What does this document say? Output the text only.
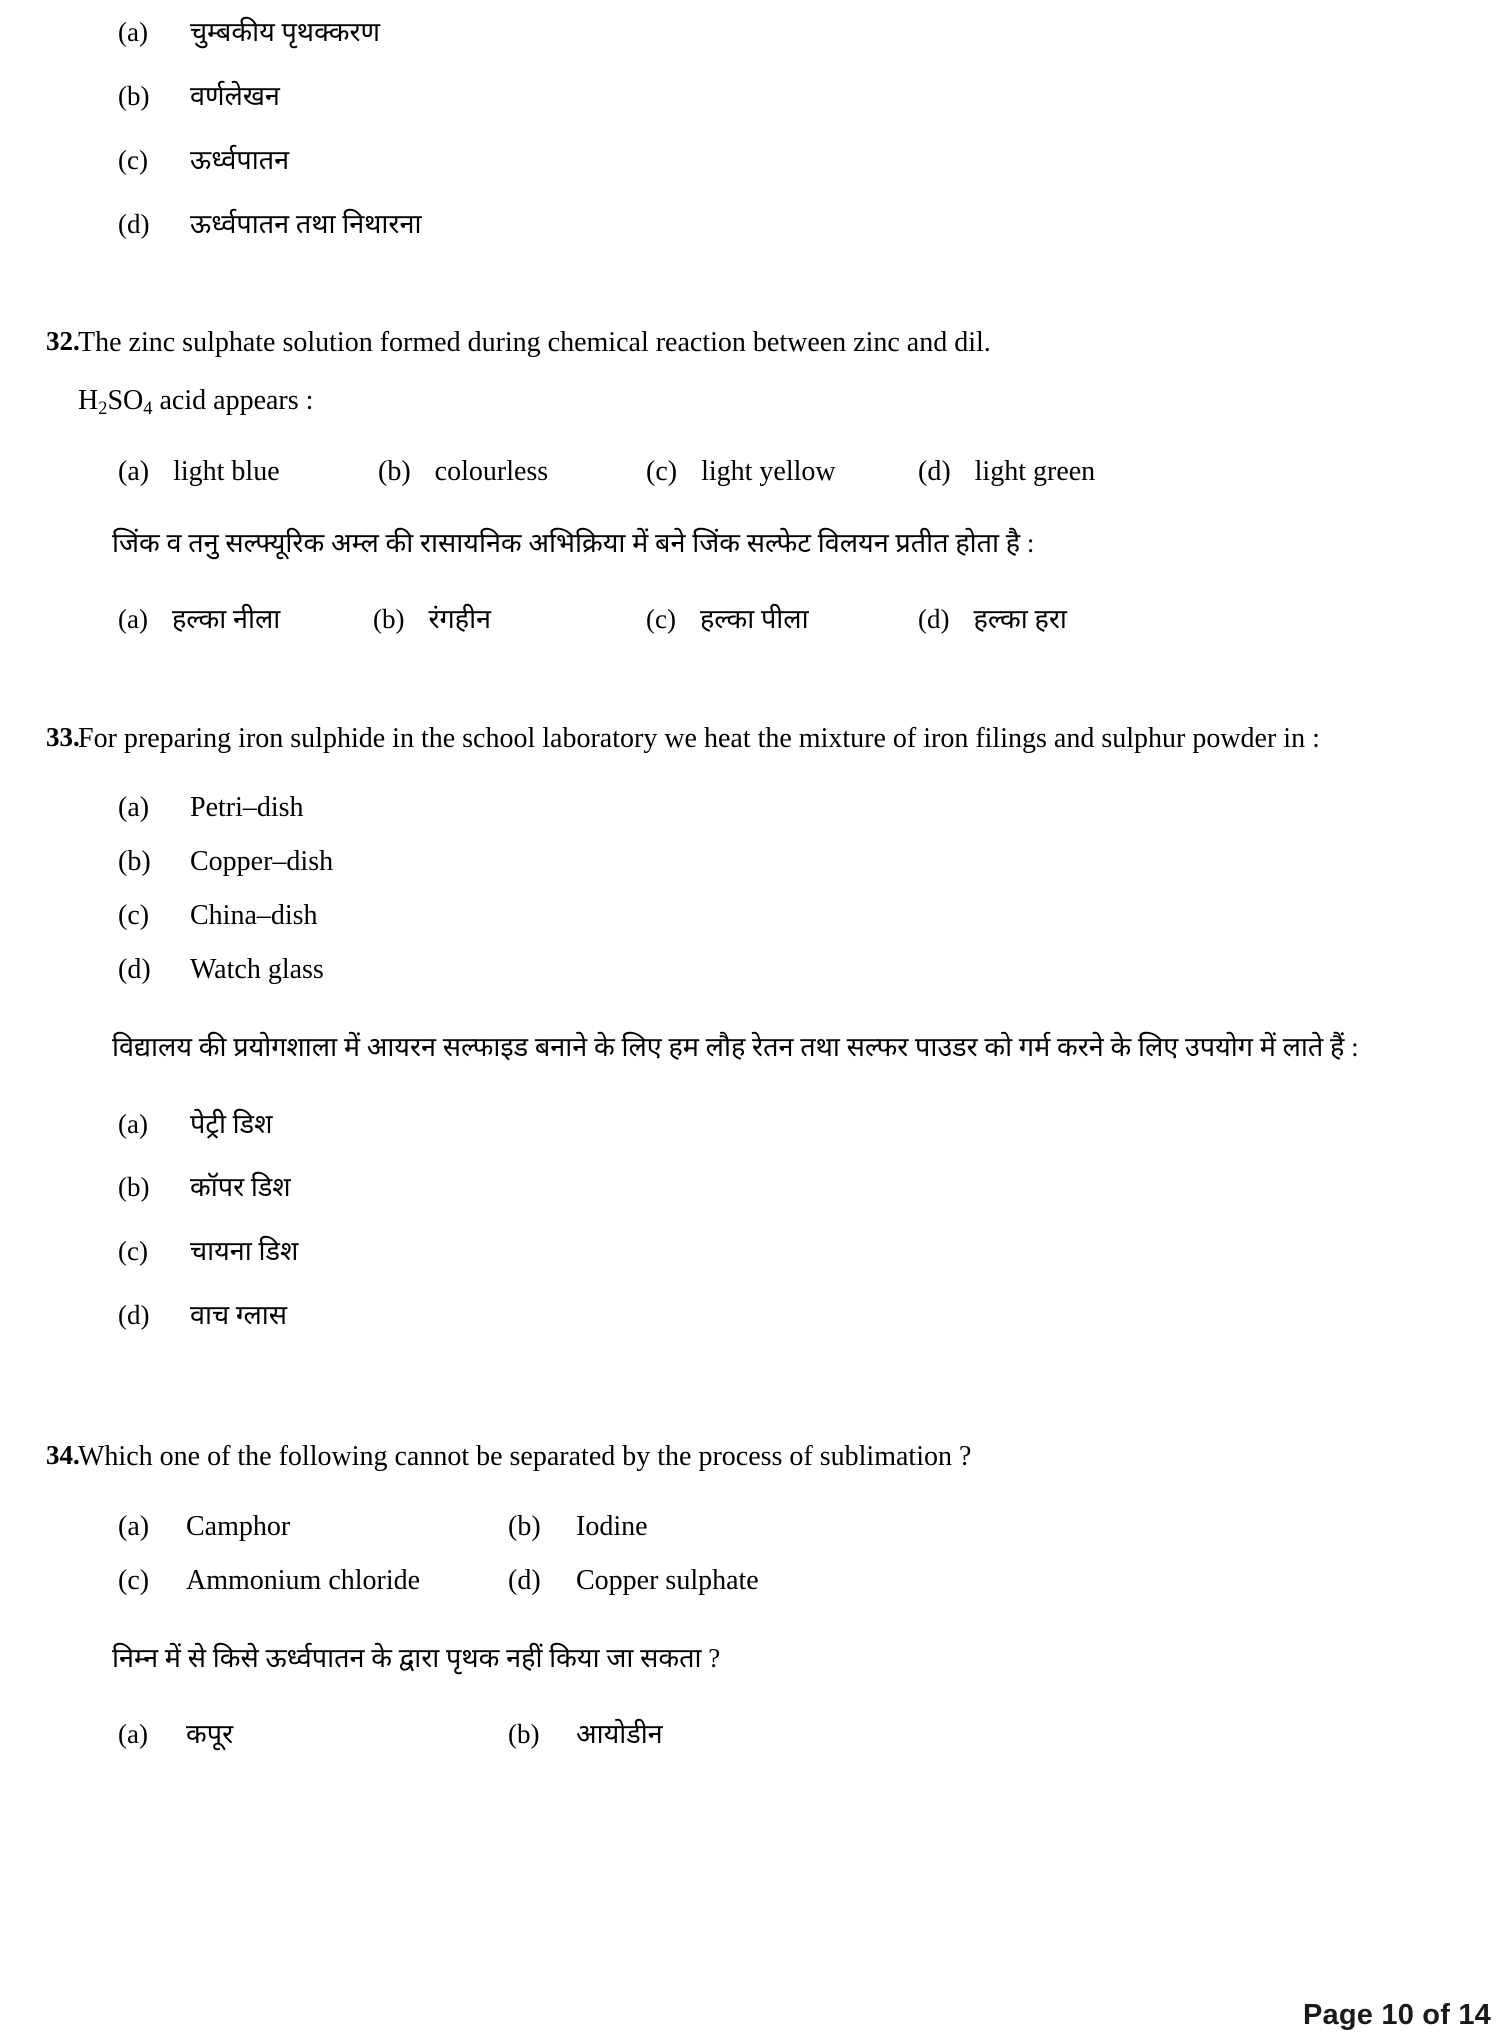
(a)	चुम्बकीय पृथक्करण
(b)	वर्णलेखन
(c)	ऊर्ध्वपातन
(d)	ऊर्ध्वपातन तथा निथारना
32.
The zinc sulphate solution formed during chemical reaction between zinc and dil.
$H_2SO_4$ acid appears :
(a) light blue	(b) colourless	(c) light yellow	(d) light green
जिंक व तनु सल्फ्यूरिक अम्ल की रासायनिक अभिक्रिया में बने जिंक सल्फेट विलयन प्रतीत होता है :
(a) हल्का नीला	(b) रंगहीन	(c) हल्का पीला	(d) हल्का हरा
33.
For preparing iron sulphide in the school laboratory we heat the mixture of iron filings and sulphur powder in :
(a)	Petri–dish
(b)	Copper–dish
(c)	China–dish
(d)	Watch glass
विद्यालय की प्रयोगशाला में आयरन सल्फाइड बनाने के लिए हम लौह रेतन तथा सल्फर पाउडर को गर्म करने के लिए उपयोग में लाते हैं :
(a)	पेट्री डिश
(b)	कॉपर डिश
(c)	चायना डिश
(d)	वाच ग्लास
34.
Which one of the following cannot be separated by the process of sublimation ?
(a)	Camphor	(b)	Iodine
(c)	Ammonium chloride	(d)	Copper sulphate
निम्न में से किसे ऊर्ध्वपातन के द्वारा पृथक नहीं किया जा सकता ?
(a)	कपूर	(b)	आयोडीन
Page 10 of 14
